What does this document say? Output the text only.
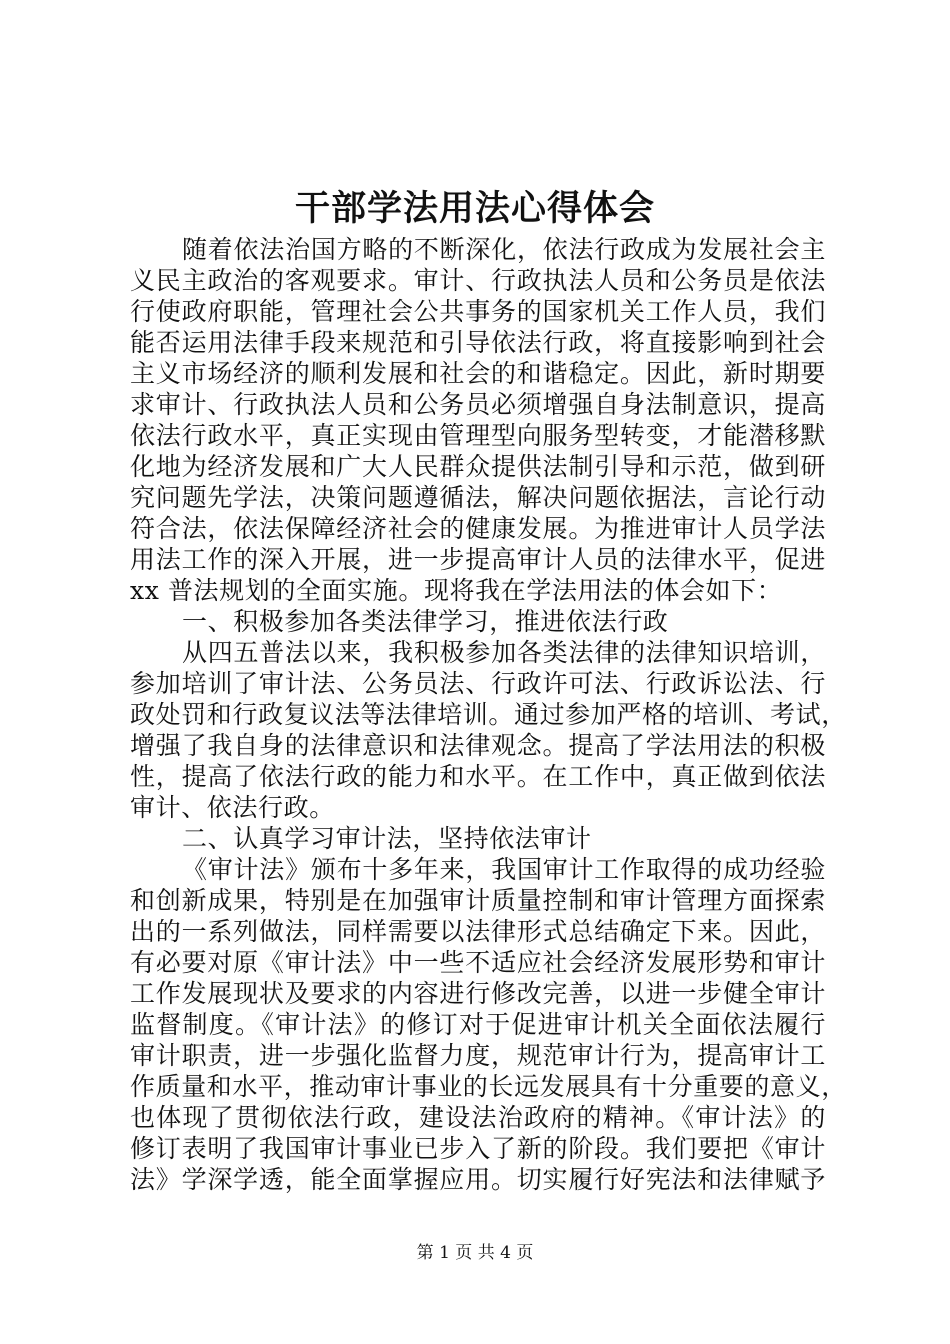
干部学法用法心得体会
随着依法治国方略的不断深化，依法行政成为发展社会主
义民主政治的客观要求。审计、行政执法人员和公务员是依法
行使政府职能，管理社会公共事务的国家机关工作人员，我们
能否运用法律手段来规范和引导依法行政，将直接影响到社会
主义市场经济的顺利发展和社会的和谐稳定。因此，新时期要
求审计、行政执法人员和公务员必须增强自身法制意识，提高
依法行政水平，真正实现由管理型向服务型转变，才能潜移默
化地为经济发展和广大人民群众提供法制引导和示范，做到研
究问题先学法，决策问题遵循法，解决问题依据法，言论行动
符合法，依法保障经济社会的健康发展。为推进审计人员学法
用法工作的深入开展，进一步提高审计人员的法律水平，促进
xx 普法规划的全面实施。现将我在学法用法的体会如下：
一、积极参加各类法律学习，推进依法行政
从四五普法以来，我积极参加各类法律的法律知识培训，
参加培训了审计法、公务员法、行政许可法、行政诉讼法、行
政处罚和行政复议法等法律培训。通过参加严格的培训、考试，
增强了我自身的法律意识和法律观念。提高了学法用法的积极
性，提高了依法行政的能力和水平。在工作中，真正做到依法
审计、依法行政。
二、认真学习审计法，坚持依法审计
《审计法》颁布十多年来，我国审计工作取得的成功经验
和创新成果，特别是在加强审计质量控制和审计管理方面探索
出的一系列做法，同样需要以法律形式总结确定下来。因此，
有必要对原《审计法》中一些不适应社会经济发展形势和审计
工作发展现状及要求的内容进行修改完善，以进一步健全审计
监督制度。《审计法》的修订对于促进审计机关全面依法履行
审计职责，进一步强化监督力度，规范审计行为，提高审计工
作质量和水平，推动审计事业的长远发展具有十分重要的意义，
也体现了贯彻依法行政，建设法治政府的精神。《审计法》的
修订表明了我国审计事业已步入了新的阶段。我们要把《审计
法》学深学透，能全面掌握应用。切实履行好宪法和法律赋予
第 1 页 共 4 页
